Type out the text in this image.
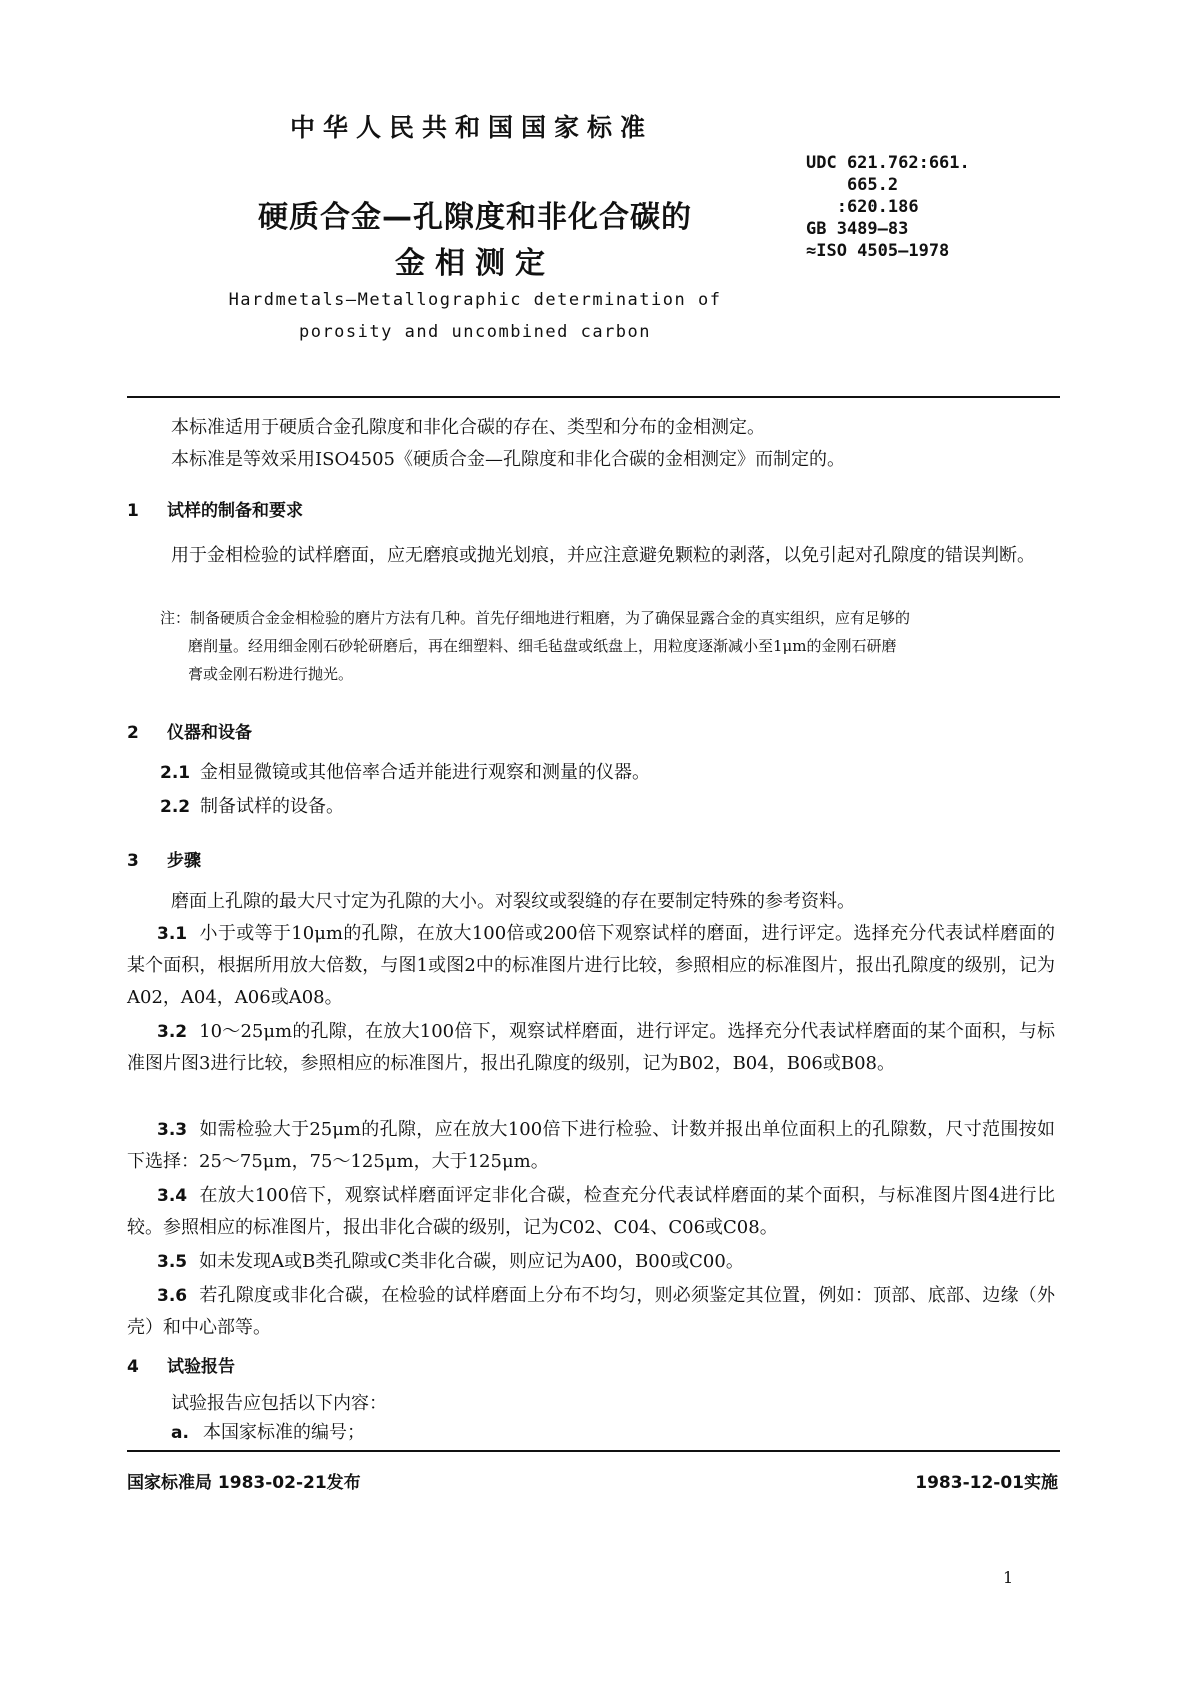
中华人民共和国国家标准
UDC 621.762:661.
665.2
:620.186
GB 3489—83
≈ISO 4505—1978
硬质合金—孔隙度和非化合碳的
金相测定
Hardmetals–Metallographic determination of
porosity and uncombined carbon
本标准适用于硬质合金孔隙度和非化合碳的存在、类型和分布的金相测定。
本标准是等效采用ISO4505《硬质合金—孔隙度和非化合碳的金相测定》而制定的。
1 试样的制备和要求
用于金相检验的试样磨面，应无磨痕或抛光划痕，并应注意避免颗粒的剥落，以免引起对孔隙度的错误判断。
注：制备硬质合金金相检验的磨片方法有几种。首先仔细地进行粗磨，为了确保显露合金的真实组织，应有足够的
磨削量。经用细金刚石砂轮研磨后，再在细塑料、细毛毡盘或纸盘上，用粒度逐渐减小至1μm的金刚石研磨
膏或金刚石粉进行抛光。
2 仪器和设备
2.1 金相显微镜或其他倍率合适并能进行观察和测量的仪器。
2.2 制备试样的设备。
3 步骤
磨面上孔隙的最大尺寸定为孔隙的大小。对裂纹或裂缝的存在要制定特殊的参考资料。
3.1 小于或等于10μm的孔隙，在放大100倍或200倍下观察试样的磨面，进行评定。选择充分代表试样磨面的某个面积，根据所用放大倍数，与图1或图2中的标准图片进行比较，参照相应的标准图片，报出孔隙度的级别，记为A02，A04，A06或A08。
3.2 10～25μm的孔隙，在放大100倍下，观察试样磨面，进行评定。选择充分代表试样磨面的某个面积，与标准图片图3进行比较，参照相应的标准图片，报出孔隙度的级别，记为B02，B04，B06或B08。
3.3 如需检验大于25μm的孔隙，应在放大100倍下进行检验、计数并报出单位面积上的孔隙数，尺寸范围按如下选择：25～75μm，75～125μm，大于125μm。
3.4 在放大100倍下，观察试样磨面评定非化合碳，检查充分代表试样磨面的某个面积，与标准图片图4进行比较。参照相应的标准图片，报出非化合碳的级别，记为C02、C04、C06或C08。
3.5 如未发现A或B类孔隙或C类非化合碳，则应记为A00，B00或C00。
3.6 若孔隙度或非化合碳，在检验的试样磨面上分布不均匀，则必须鉴定其位置，例如：顶部、底部、边缘（外壳）和中心部等。
4 试验报告
试验报告应包括以下内容：
a. 本国家标准的编号；
国家标准局 1983-02-21发布	1983-12-01实施
1
